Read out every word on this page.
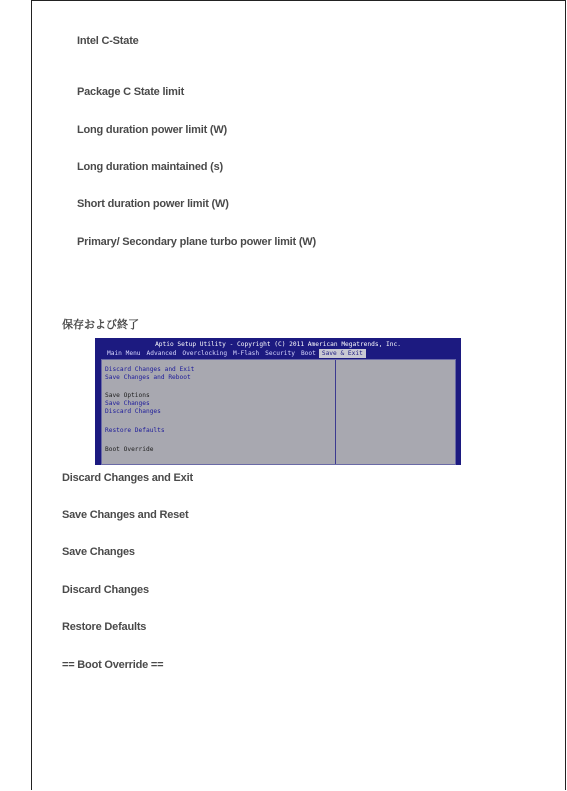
Intel C-State
Package C State limit
Long duration power limit (W)
Long duration maintained (s)
Short duration power limit (W)
Primary/ Secondary plane turbo power limit (W)
保存および終了
Aptio Setup Utility - Copyright (C) 2011 American Megatrends, Inc.
Main Menu Advanced Overclocking M-Flash Security Boot Save & Exit
Discard Changes and Exit
Save Changes and Reboot
Save Options
Save Changes
Discard Changes
Restore Defaults
Boot Override
Discard Changes and Exit
Save Changes and Reset
Save Changes
Discard Changes
Restore Defaults
== Boot Override ==
